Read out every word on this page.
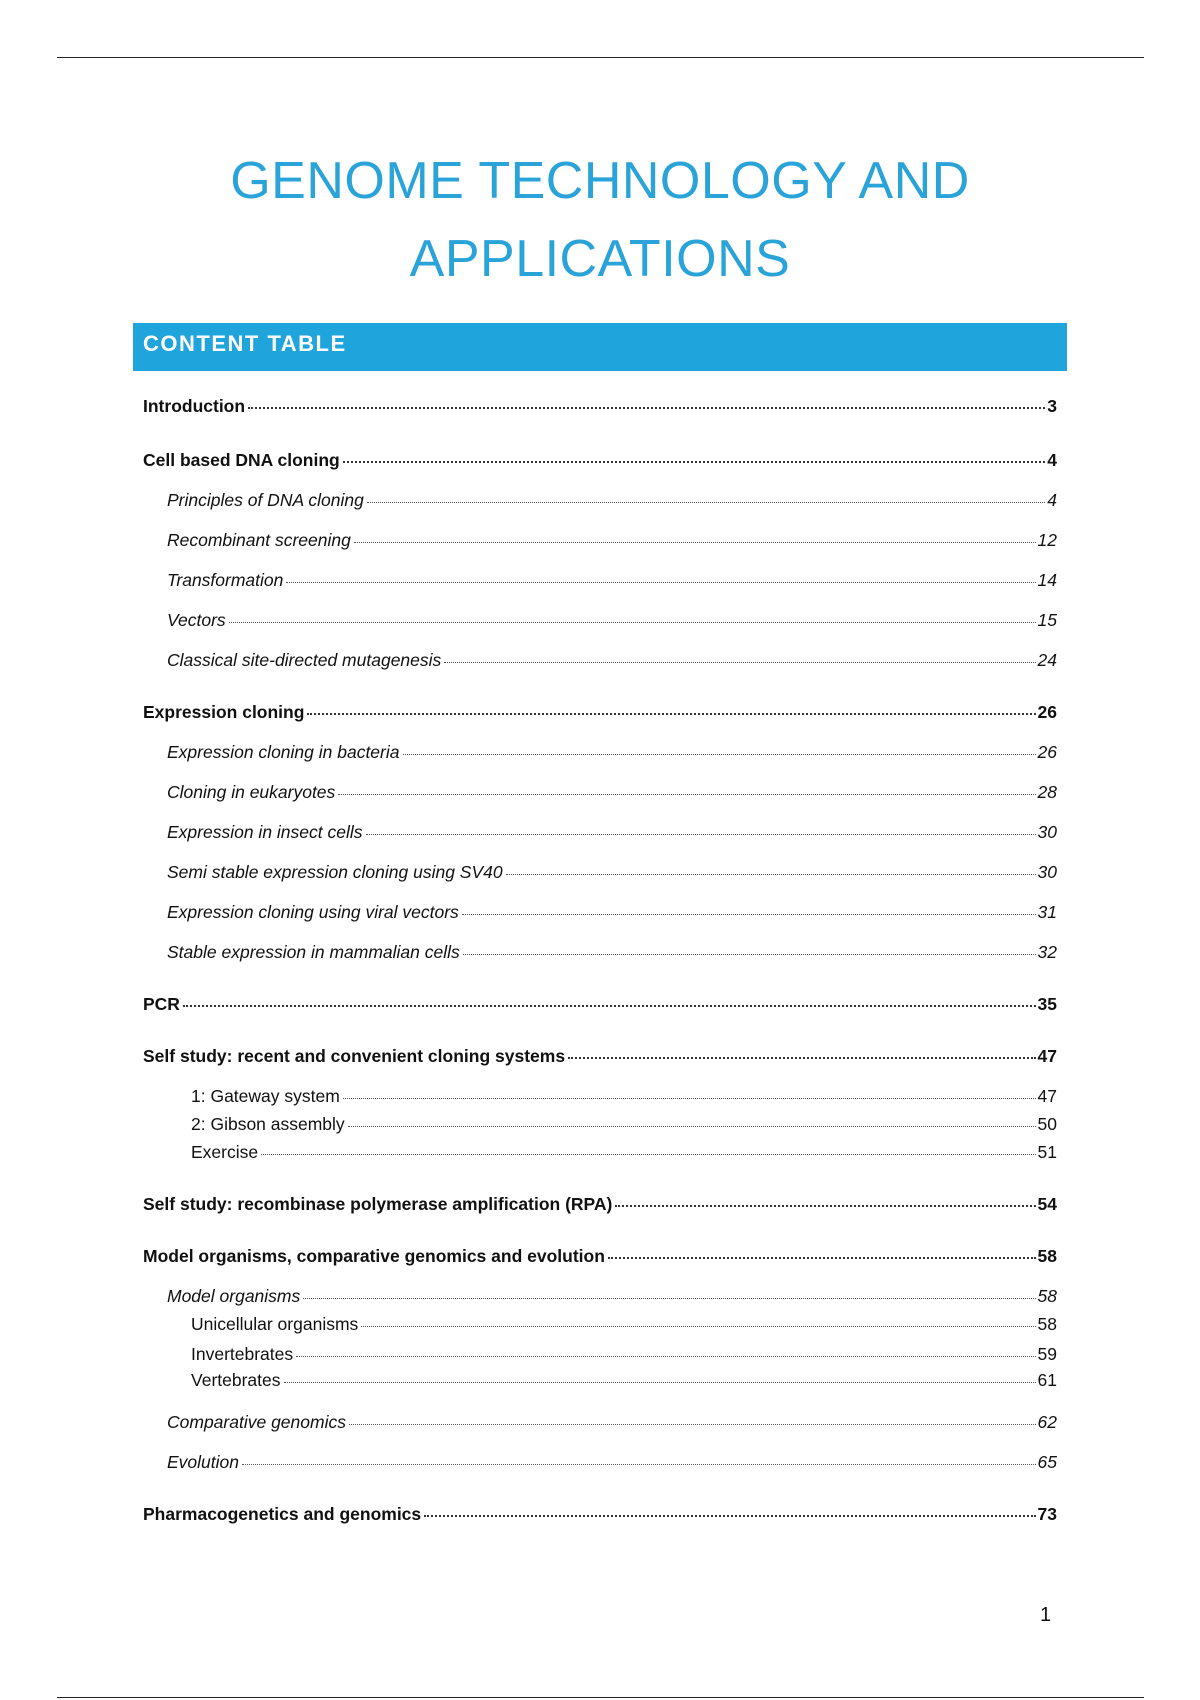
GENOME TECHNOLOGY AND
APPLICATIONS
CONTENT TABLE
Introduction	3
Cell based DNA cloning	4
Principles of DNA cloning	4
Recombinant screening	12
Transformation	14
Vectors	15
Classical site-directed mutagenesis	24
Expression cloning	26
Expression cloning in bacteria	26
Cloning in eukaryotes	28
Expression in insect cells	30
Semi stable expression cloning using SV40	30
Expression cloning using viral vectors	31
Stable expression in mammalian cells	32
PCR	35
Self study: recent and convenient cloning systems	47
1: Gateway system	47
2: Gibson assembly	50
Exercise	51
Self study: recombinase polymerase amplification (RPA)	54
Model organisms, comparative genomics and evolution	58
Model organisms	58
Unicellular organisms	58
Invertebrates	59
Vertebrates	61
Comparative genomics	62
Evolution	65
Pharmacogenetics and genomics	73
1
